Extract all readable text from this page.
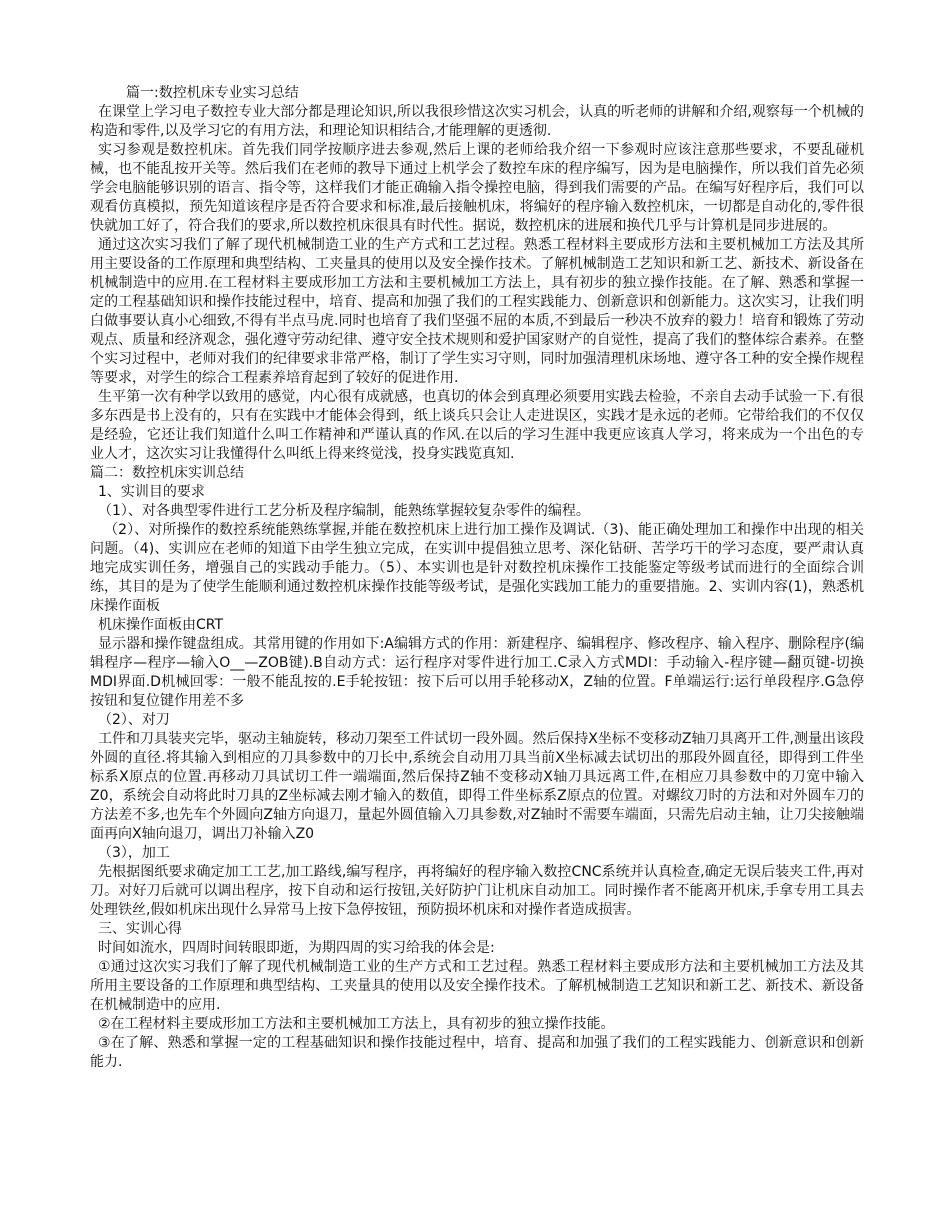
篇一:数控机床专业实习总结

在课堂上学习电子数控专业大部分都是理论知识,所以我很珍惜这次实习机会，认真的听老师的讲解和介绍,观察每一个机械的构造和零件,以及学习它的有用方法，和理论知识相结合,才能理解的更透彻.

实习参观是数控机床。首先我们同学按顺序进去参观,然后上课的老师给我介绍一下参观时应该注意那些要求，不要乱碰机械，也不能乱按开关等。然后我们在老师的教导下通过上机学会了数控车床的程序编写，因为是电脑操作，所以我们首先必须学会电脑能够识别的语言、指令等，这样我们才能正确输入指令操控电脑，得到我们需要的产品。在编写好程序后，我们可以观看仿真模拟，预先知道该程序是否符合要求和标准,最后接触机床，将编好的程序输入数控机床，一切都是自动化的,零件很快就加工好了，符合我们的要求,所以数控机床很具有时代性。据说，数控机床的进展和换代几乎与计算机是同步进展的。

通过这次实习我们了解了现代机械制造工业的生产方式和工艺过程。熟悉工程材料主要成形方法和主要机械加工方法及其所用主要设备的工作原理和典型结构、工夹量具的使用以及安全操作技术。了解机械制造工艺知识和新工艺、新技术、新设备在机械制造中的应用.在工程材料主要成形加工方法和主要机械加工方法上，具有初步的独立操作技能。在了解、熟悉和掌握一定的工程基础知识和操作技能过程中，培育、提高和加强了我们的工程实践能力、创新意识和创新能力。这次实习，让我们明白做事要认真小心细致,不得有半点马虎.同时也培育了我们坚强不屈的本质,不到最后一秒决不放弃的毅力！培育和锻炼了劳动观点、质量和经济观念，强化遵守劳动纪律、遵守安全技术规则和爱护国家财产的自觉性，提高了我们的整体综合素养。在整个实习过程中，老师对我们的纪律要求非常严格，制订了学生实习守则，同时加强清理机床场地、遵守各工种的安全操作规程等要求，对学生的综合工程素养培育起到了较好的促进作用.

生平第一次有种学以致用的感觉，内心很有成就感，也真切的体会到真理必须要用实践去检验，不亲自去动手试验一下.有很多东西是书上没有的，只有在实践中才能体会得到，纸上谈兵只会让人走进误区，实践才是永远的老师。它带给我们的不仅仅是经验，它还让我们知道什么叫工作精神和严谨认真的作风.在以后的学习生涯中我更应该真人学习，将来成为一个出色的专业人才，这次实习让我懂得什么叫纸上得来终觉浅，投身实践览真知.

篇二：数控机床实训总结

1、实训目的要求

（1）、对各典型零件进行工艺分析及程序编制，能熟练掌握较复杂零件的编程。

（2）、对所操作的数控系统能熟练掌握,并能在数控机床上进行加工操作及调试.（3)、能正确处理加工和操作中出现的相关问题。（4)、实训应在老师的知道下由学生独立完成，在实训中提倡独立思考、深化钻研、苦学巧干的学习态度，要严肃认真地完成实训任务，增强自己的实践动手能力。（5）、本实训也是针对数控机床操作工技能鉴定等级考试而进行的全面综合训练，其目的是为了使学生能顺利通过数控机床操作技能等级考试，是强化实践加工能力的重要措施。2、实训内容(1)，熟悉机床操作面板

机床操作面板由CRT

显示器和操作键盘组成。其常用键的作用如下:A编辑方式的作用：新建程序、编辑程序、修改程序、输入程序、删除程序(编辑程序—程序—输入O__—ZOB键).B自动方式：运行程序对零件进行加工.C录入方式MDI：手动输入-程序键—翻页键-切换MDI界面.D机械回零：一般不能乱按的.E手轮按钮：按下后可以用手轮移动X，Z轴的位置。F单端运行:运行单段程序.G急停按钮和复位键作用差不多

（2）、对刀

工件和刀具装夹完毕，驱动主轴旋转，移动刀架至工件试切一段外圆。然后保持X坐标不变移动Z轴刀具离开工件,测量出该段外圆的直径.将其输入到相应的刀具参数中的刀长中,系统会自动用刀具当前X坐标减去试切出的那段外圆直径，即得到工件坐标系X原点的位置.再移动刀具试切工件一端端面,然后保持Z轴不变移动X轴刀具远离工件,在相应刀具参数中的刀宽中输入Z0，系统会自动将此时刀具的Z坐标减去刚才输入的数值，即得工件坐标系Z原点的位置。对螺纹刀时的方法和对外圆车刀的方法差不多,也先车个外圆向Z轴方向退刀，量起外圆值输入刀具参数,对Z轴时不需要车端面，只需先启动主轴，让刀尖接触端面再向X轴向退刀，调出刀补输入Z0

（3），加工

先根据图纸要求确定加工工艺,加工路线,编写程序，再将编好的程序输入数控CNC系统并认真检查,确定无误后装夹工件,再对刀。对好刀后就可以调出程序，按下自动和运行按钮,关好防护门让机床自动加工。同时操作者不能离开机床,手拿专用工具去处理铁丝,假如机床出现什么异常马上按下急停按钮，预防损坏机床和对操作者造成损害。

三、实训心得

时间如流水，四周时间转眼即逝，为期四周的实习给我的体会是:

①通过这次实习我们了解了现代机械制造工业的生产方式和工艺过程。熟悉工程材料主要成形方法和主要机械加工方法及其所用主要设备的工作原理和典型结构、工夹量具的使用以及安全操作技术。了解机械制造工艺知识和新工艺、新技术、新设备在机械制造中的应用.

②在工程材料主要成形加工方法和主要机械加工方法上，具有初步的独立操作技能。

③在了解、熟悉和掌握一定的工程基础知识和操作技能过程中，培育、提高和加强了我们的工程实践能力、创新意识和创新能力.
